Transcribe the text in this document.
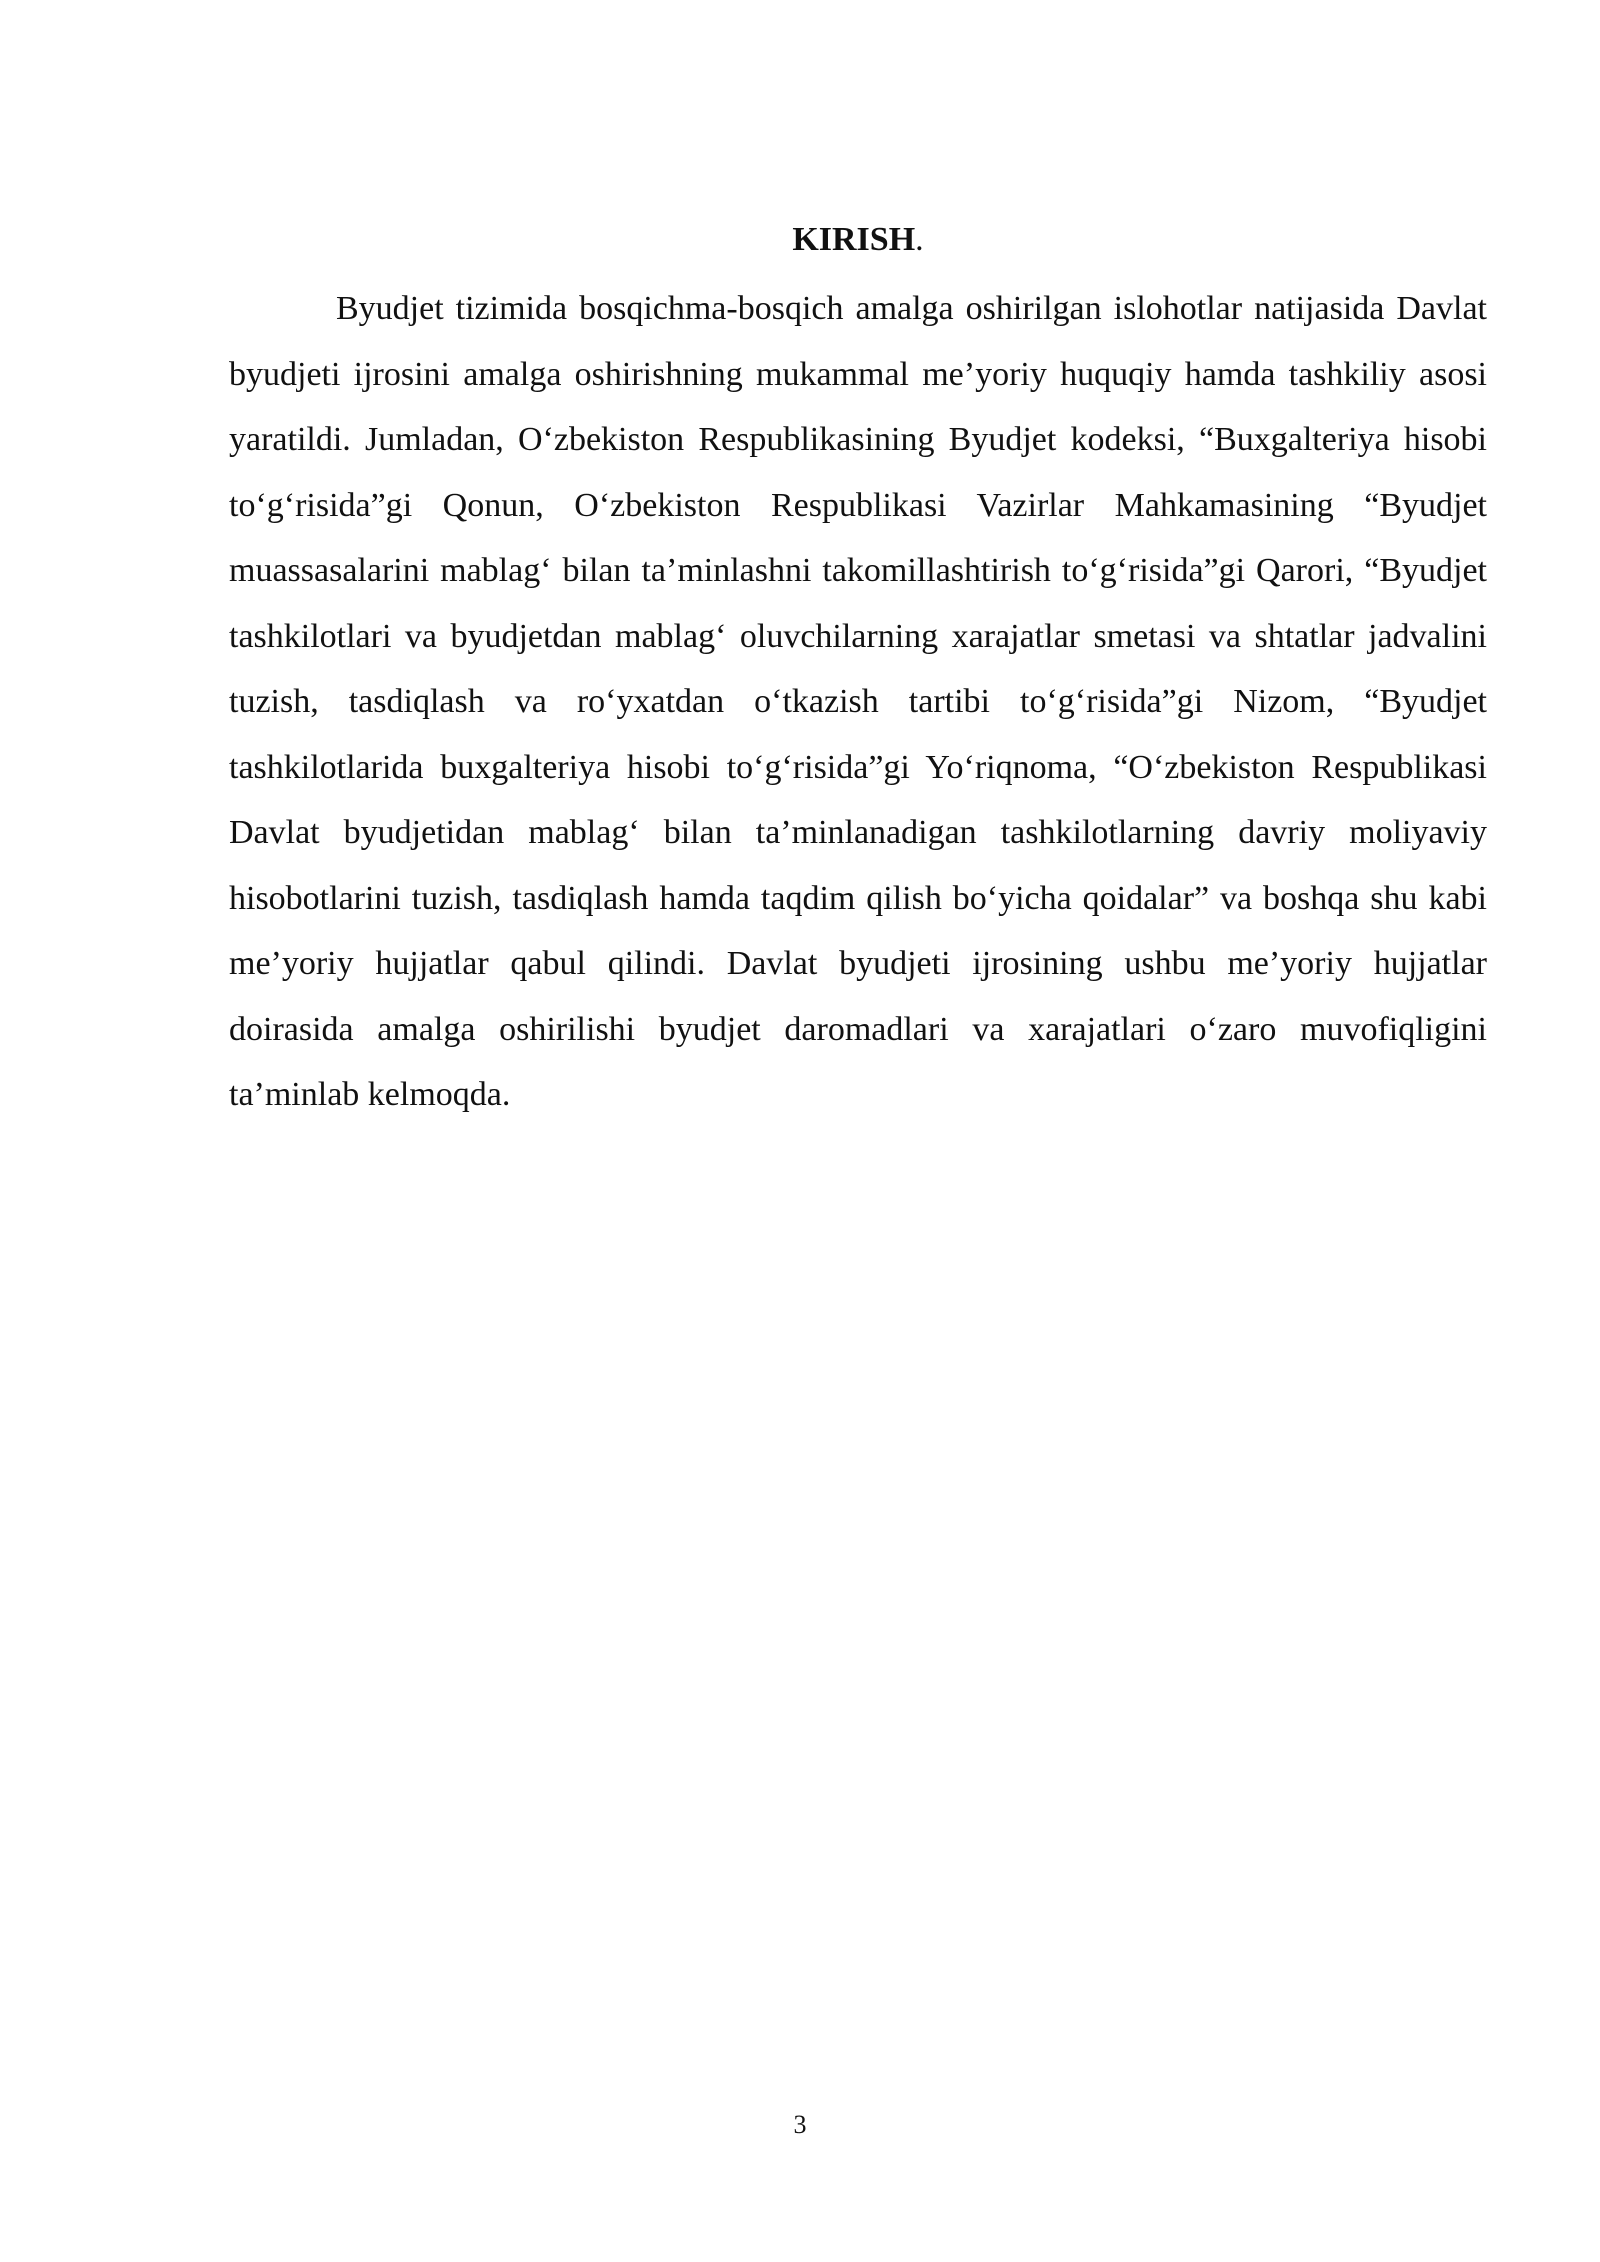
KIRISH.

Byudjet tizimida bosqichma-bosqich amalga oshirilgan islohotlar natijasida Davlat byudjeti ijrosini amalga oshirishning mukammal me’yoriy huquqiy hamda tashkiliy asosi yaratildi. Jumladan, O‘zbekiston Respublikasining Byudjet kodeksi, “Buxgalteriya hisobi to‘g‘risida”gi Qonun, O‘zbekiston Respublikasi Vazirlar Mahkamasining “Byudjet muassasalarini mablag‘ bilan ta’minlashni takomillashtirish to‘g‘risida”gi Qarori, “Byudjet tashkilotlari va byudjetdan mablag‘ oluvchilarning xarajatlar smetasi va shtatlar jadvalini tuzish, tasdiqlash va ro‘yxatdan o‘tkazish tartibi to‘g‘risida”gi Nizom, “Byudjet tashkilotlarida buxgalteriya hisobi to‘g‘risida”gi Yo‘riqnoma, “O‘zbekiston Respublikasi Davlat byudjetidan mablag‘ bilan ta’minlanadigan tashkilotlarning davriy moliyaviy hisobotlarini tuzish, tasdiqlash hamda taqdim qilish bo‘yicha qoidalar” va boshqa shu kabi me’yoriy hujjatlar qabul qilindi. Davlat byudjeti ijrosining ushbu me’yoriy hujjatlar doirasida amalga oshirilishi byudjet daromadlari va xarajatlari o‘zaro muvofiqligini ta’minlab kelmoqda.

3
